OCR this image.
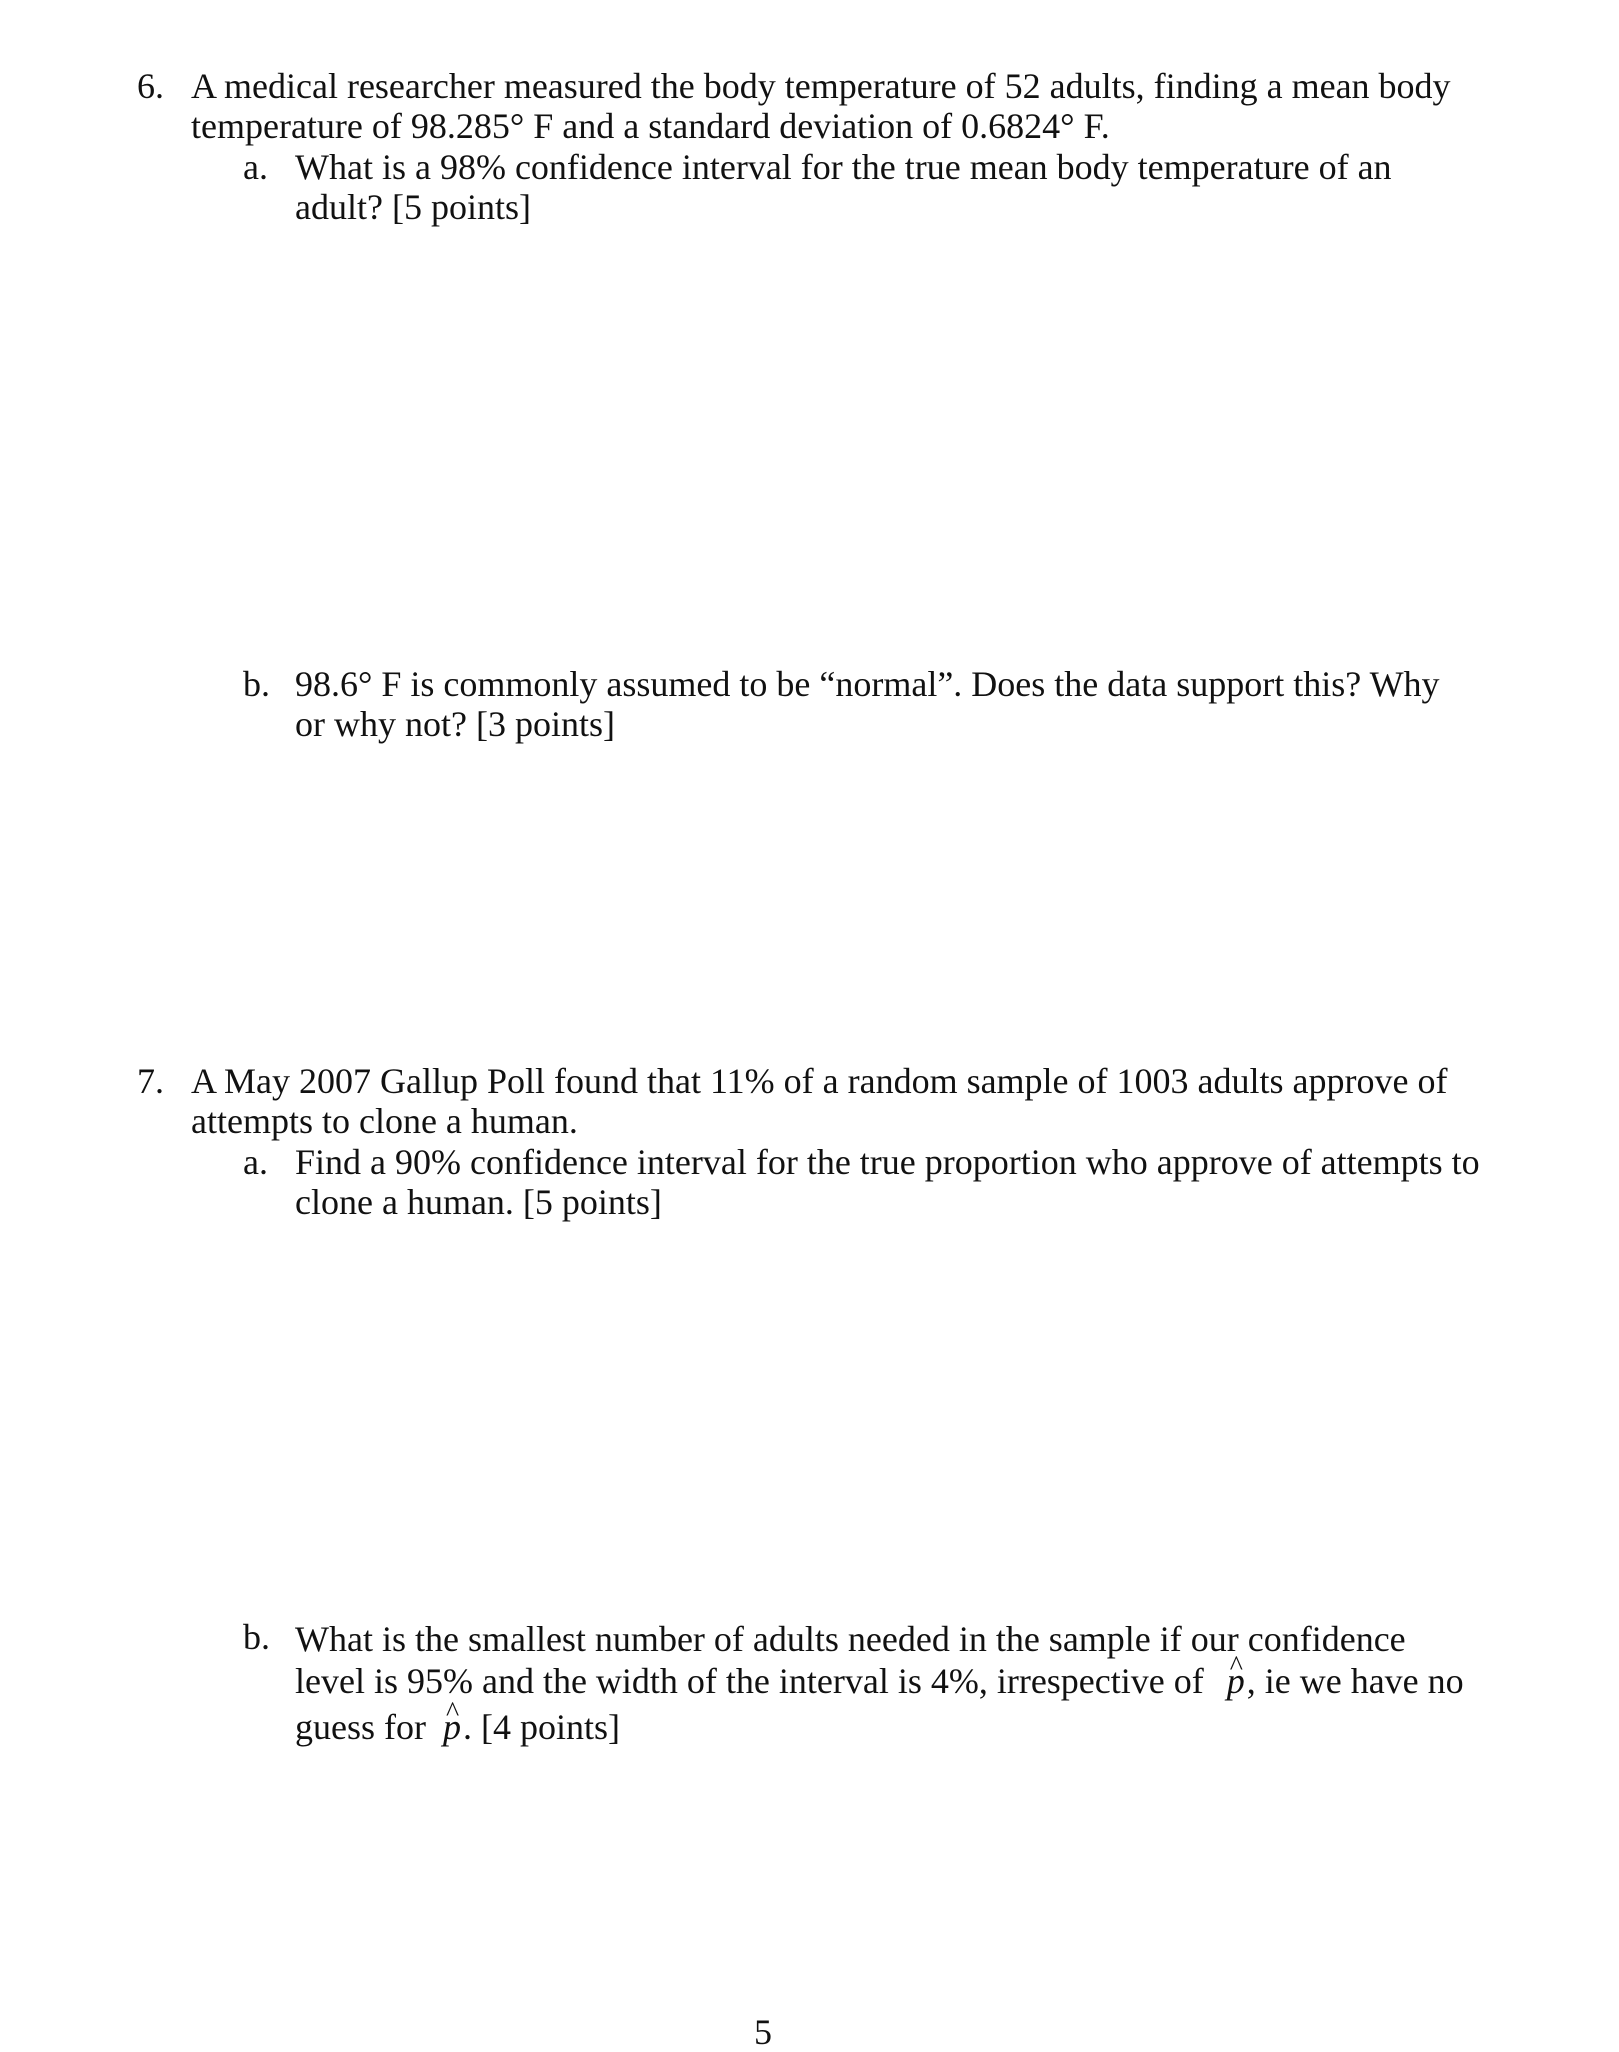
6. A medical researcher measured the body temperature of 52 adults, finding a mean body
temperature of 98.285° F and a standard deviation of 0.6824° F.
a. What is a 98% confidence interval for the true mean body temperature of an
adult? [5 points]
b. 98.6° F is commonly assumed to be “normal”. Does the data support this? Why
or why not? [3 points]
7. A May 2007 Gallup Poll found that 11% of a random sample of 1003 adults approve of
attempts to clone a human.
a. Find a 90% confidence interval for the true proportion who approve of attempts to
clone a human. [5 points]
b. What is the smallest number of adults needed in the sample if our confidence
level is 95% and the width of the interval is 4%, irrespective of ^ p, ie we have no
guess for ^ p. [4 points]
5
